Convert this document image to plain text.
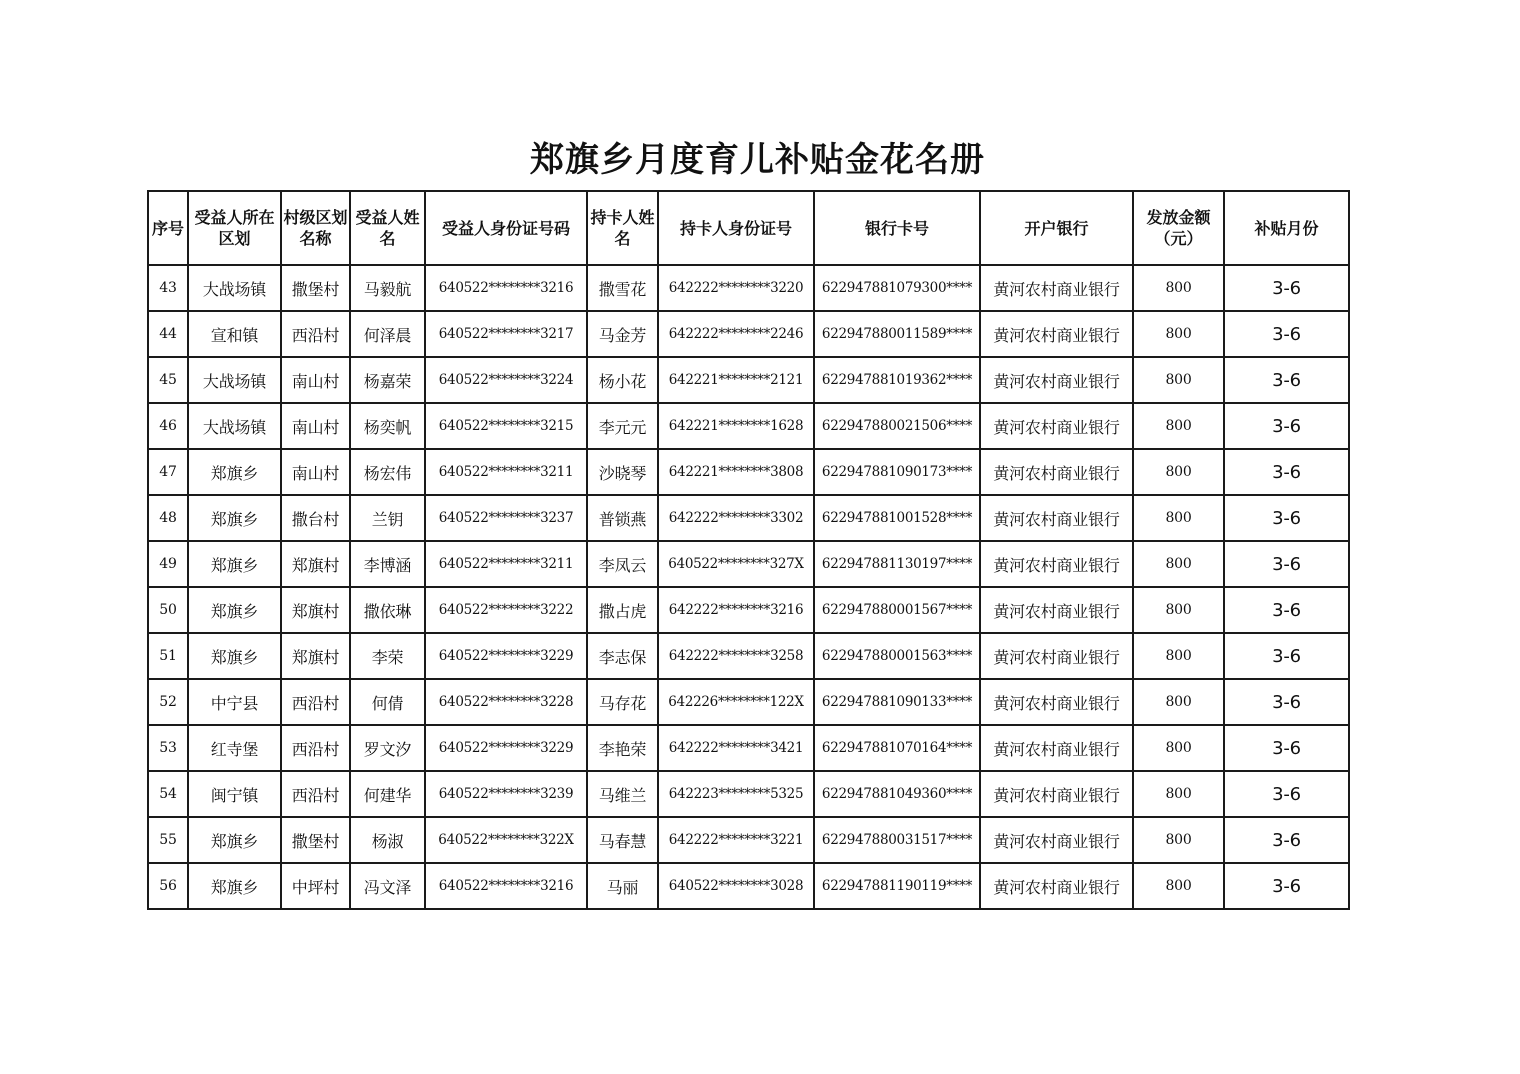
郑旗乡月度育儿补贴金花名册
序号	受益人所在区划	村级区划名称	受益人姓名	受益人身份证号码	持卡人姓名	持卡人身份证号	银行卡号	开户银行	发放金额（元）	补贴月份
43	大战场镇	撒堡村	马毅航	640522********3216	撒雪花	642222********3220	622947881079300****	黄河农村商业银行	800	3-6
44	宣和镇	西沿村	何泽晨	640522********3217	马金芳	642222********2246	622947880011589****	黄河农村商业银行	800	3-6
45	大战场镇	南山村	杨嘉荣	640522********3224	杨小花	642221********2121	622947881019362****	黄河农村商业银行	800	3-6
46	大战场镇	南山村	杨奕帆	640522********3215	李元元	642221********1628	622947880021506****	黄河农村商业银行	800	3-6
47	郑旗乡	南山村	杨宏伟	640522********3211	沙晓琴	642221********3808	622947881090173****	黄河农村商业银行	800	3-6
48	郑旗乡	撒台村	兰钥	640522********3237	普锁燕	642222********3302	622947881001528****	黄河农村商业银行	800	3-6
49	郑旗乡	郑旗村	李博涵	640522********3211	李凤云	640522********327X	622947881130197****	黄河农村商业银行	800	3-6
50	郑旗乡	郑旗村	撒依琳	640522********3222	撒占虎	642222********3216	622947880001567****	黄河农村商业银行	800	3-6
51	郑旗乡	郑旗村	李荣	640522********3229	李志保	642222********3258	622947880001563****	黄河农村商业银行	800	3-6
52	中宁县	西沿村	何倩	640522********3228	马存花	642226********122X	622947881090133****	黄河农村商业银行	800	3-6
53	红寺堡	西沿村	罗文汐	640522********3229	李艳荣	642222********3421	622947881070164****	黄河农村商业银行	800	3-6
54	闽宁镇	西沿村	何建华	640522********3239	马维兰	642223********5325	622947881049360****	黄河农村商业银行	800	3-6
55	郑旗乡	撒堡村	杨淑	640522********322X	马春慧	642222********3221	622947880031517****	黄河农村商业银行	800	3-6
56	郑旗乡	中坪村	冯文泽	640522********3216	马丽	640522********3028	622947881190119****	黄河农村商业银行	800	3-6
